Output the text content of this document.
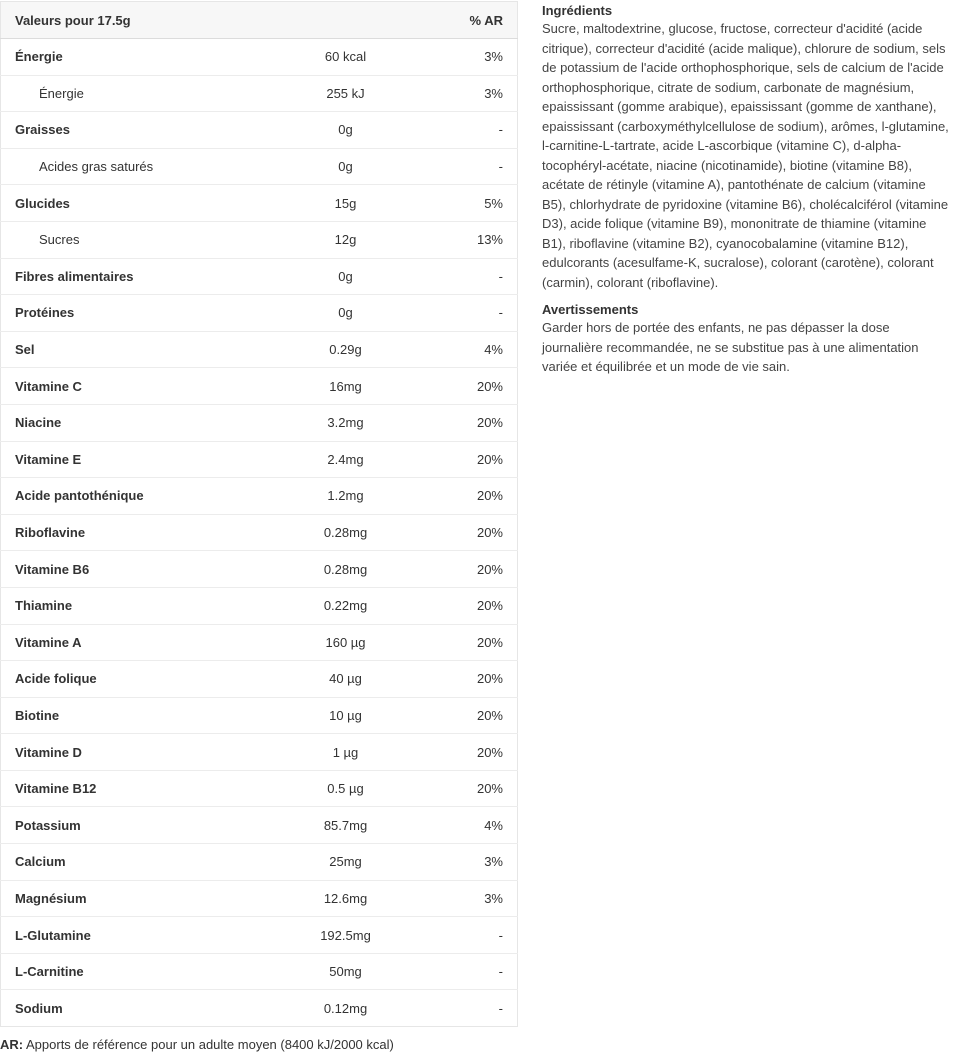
Valeurs pour 17.5g		% AR
Énergie	60 kcal	3%
Énergie	255 kJ	3%
Graisses	0g	-
Acides gras saturés	0g	-
Glucides	15g	5%
Sucres	12g	13%
Fibres alimentaires	0g	-
Protéines	0g	-
Sel	0.29g	4%
Vitamine C	16mg	20%
Niacine	3.2mg	20%
Vitamine E	2.4mg	20%
Acide pantothénique	1.2mg	20%
Riboflavine	0.28mg	20%
Vitamine B6	0.28mg	20%
Thiamine	0.22mg	20%
Vitamine A	160 µg	20%
Acide folique	40 µg	20%
Biotine	10 µg	20%
Vitamine D	1 µg	20%
Vitamine B12	0.5 µg	20%
Potassium	85.7mg	4%
Calcium	25mg	3%
Magnésium	12.6mg	3%
L-Glutamine	192.5mg	-
L-Carnitine	50mg	-
Sodium	0.12mg	-
AR: Apports de référence pour un adulte moyen (8400 kJ/2000 kcal)
Ingrédients

Sucre, maltodextrine, glucose, fructose, correcteur d'acidité (acide citrique), correcteur d'acidité (acide malique), chlorure de sodium, sels de potassium de l'acide orthophosphorique, sels de calcium de l'acide orthophosphorique, citrate de sodium, carbonate de magnésium, epaississant (gomme arabique), epaississant (gomme de xanthane), epaississant (carboxyméthylcellulose de sodium), arômes, l-glutamine, l-carnitine-L-tartrate, acide L-ascorbique (vitamine C), d-alpha-tocophéryl-acétate, niacine (nicotinamide), biotine (vitamine B8), acétate de rétinyle (vitamine A), pantothénate de calcium (vitamine B5), chlorhydrate de pyridoxine (vitamine B6), cholécalciférol (vitamine D3), acide folique (vitamine B9), mononitrate de thiamine (vitamine B1), riboflavine (vitamine B2), cyanocobalamine (vitamine B12), edulcorants (acesulfame-K, sucralose), colorant (carotène), colorant (carmin), colorant (riboflavine).

Avertissements

Garder hors de portée des enfants, ne pas dépasser la dose journalière recommandée, ne se substitue pas à une alimentation variée et équilibrée et un mode de vie sain.
